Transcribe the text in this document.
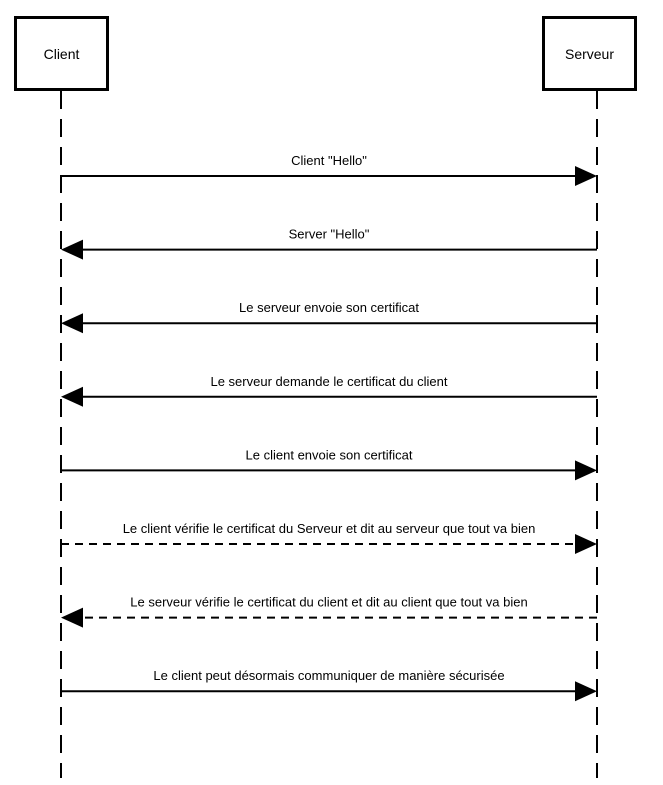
Client "Hello"
Server "Hello"
Le serveur envoie son certificat
Le serveur demande le certificat du client
Le client envoie son certificat
Le client vérifie le certificat du Serveur et dit au serveur que tout va bien
Le serveur vérifie le certificat du client et dit au client que tout va bien
Le client peut désormais communiquer de manière sécurisée
Client	Serveur
